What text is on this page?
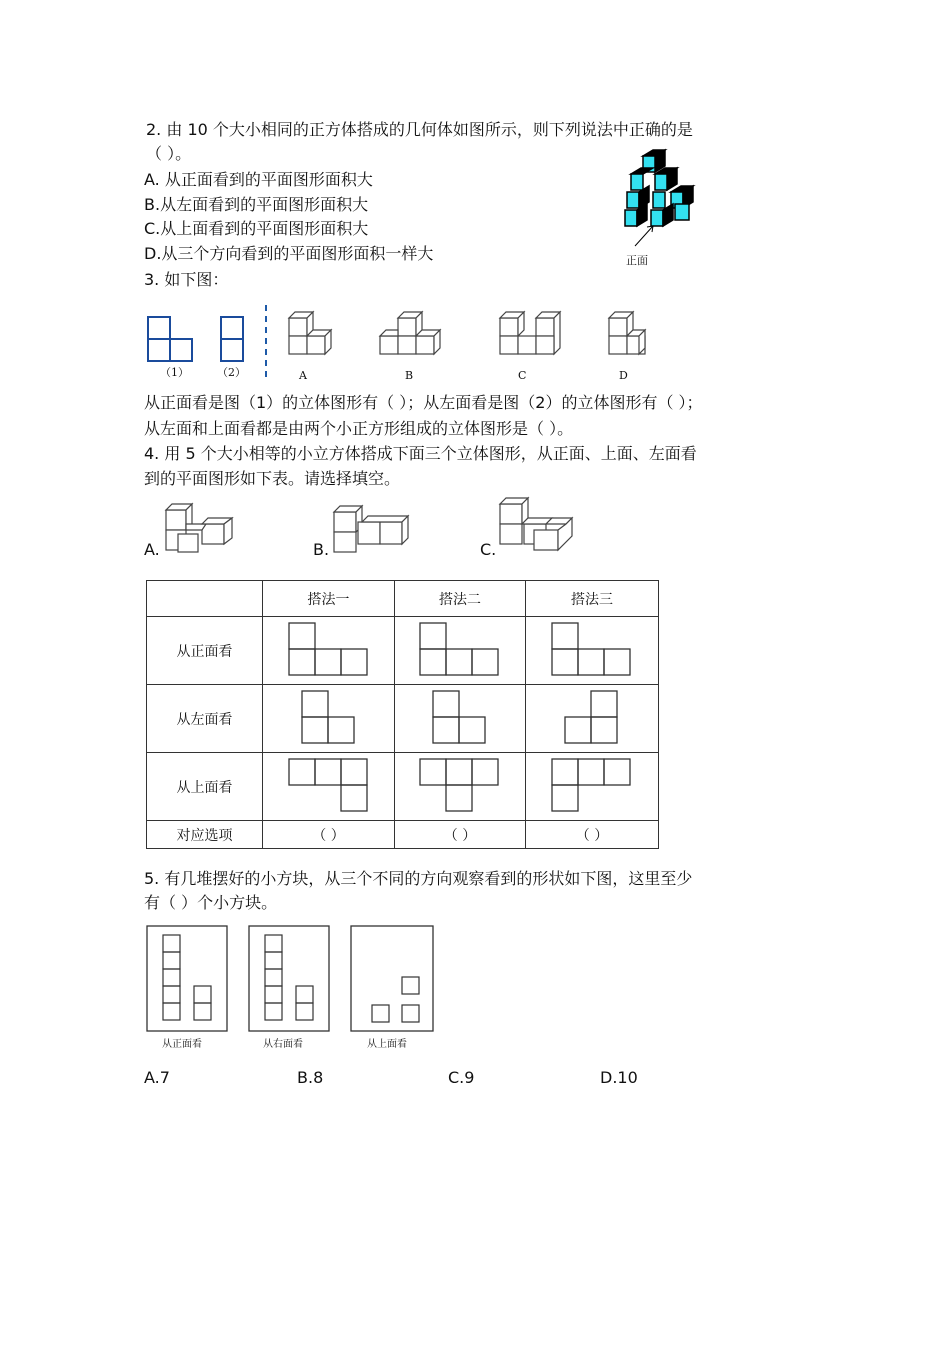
2. 由 10 个大小相同的正方体搭成的几何体如图所示，则下列说法中正确的是
（ ）。
A. 从正面看到的平面图形面积大
B.从左面看到的平面图形面积大
C.从上面看到的平面图形面积大
D.从三个方向看到的平面图形面积一样大	正面
3. 如下图：
（1）	（2）	A	B	C	D
从正面看是图（1）的立体图形有（ ）；从左面看是图（2）的立体图形有（ ）；
从左面和上面看都是由两个小正方形组成的立体图形是（ ）。
4. 用 5 个大小相等的小立方体搭成下面三个立体图形，从正面、上面、左面看
到的平面图形如下表。请选择填空。
A.	B.	C.
	搭法一	搭法二	搭法三
从正面看			
从左面看			
从上面看			
对应选项	（ ）	（ ）	（ ）
5. 有几堆摆好的小方块，从三个不同的方向观察看到的形状如下图，这里至少
有（ ）个小方块。
从正面看	从右面看	从上面看
A.7	B.8	C.9	D.10
